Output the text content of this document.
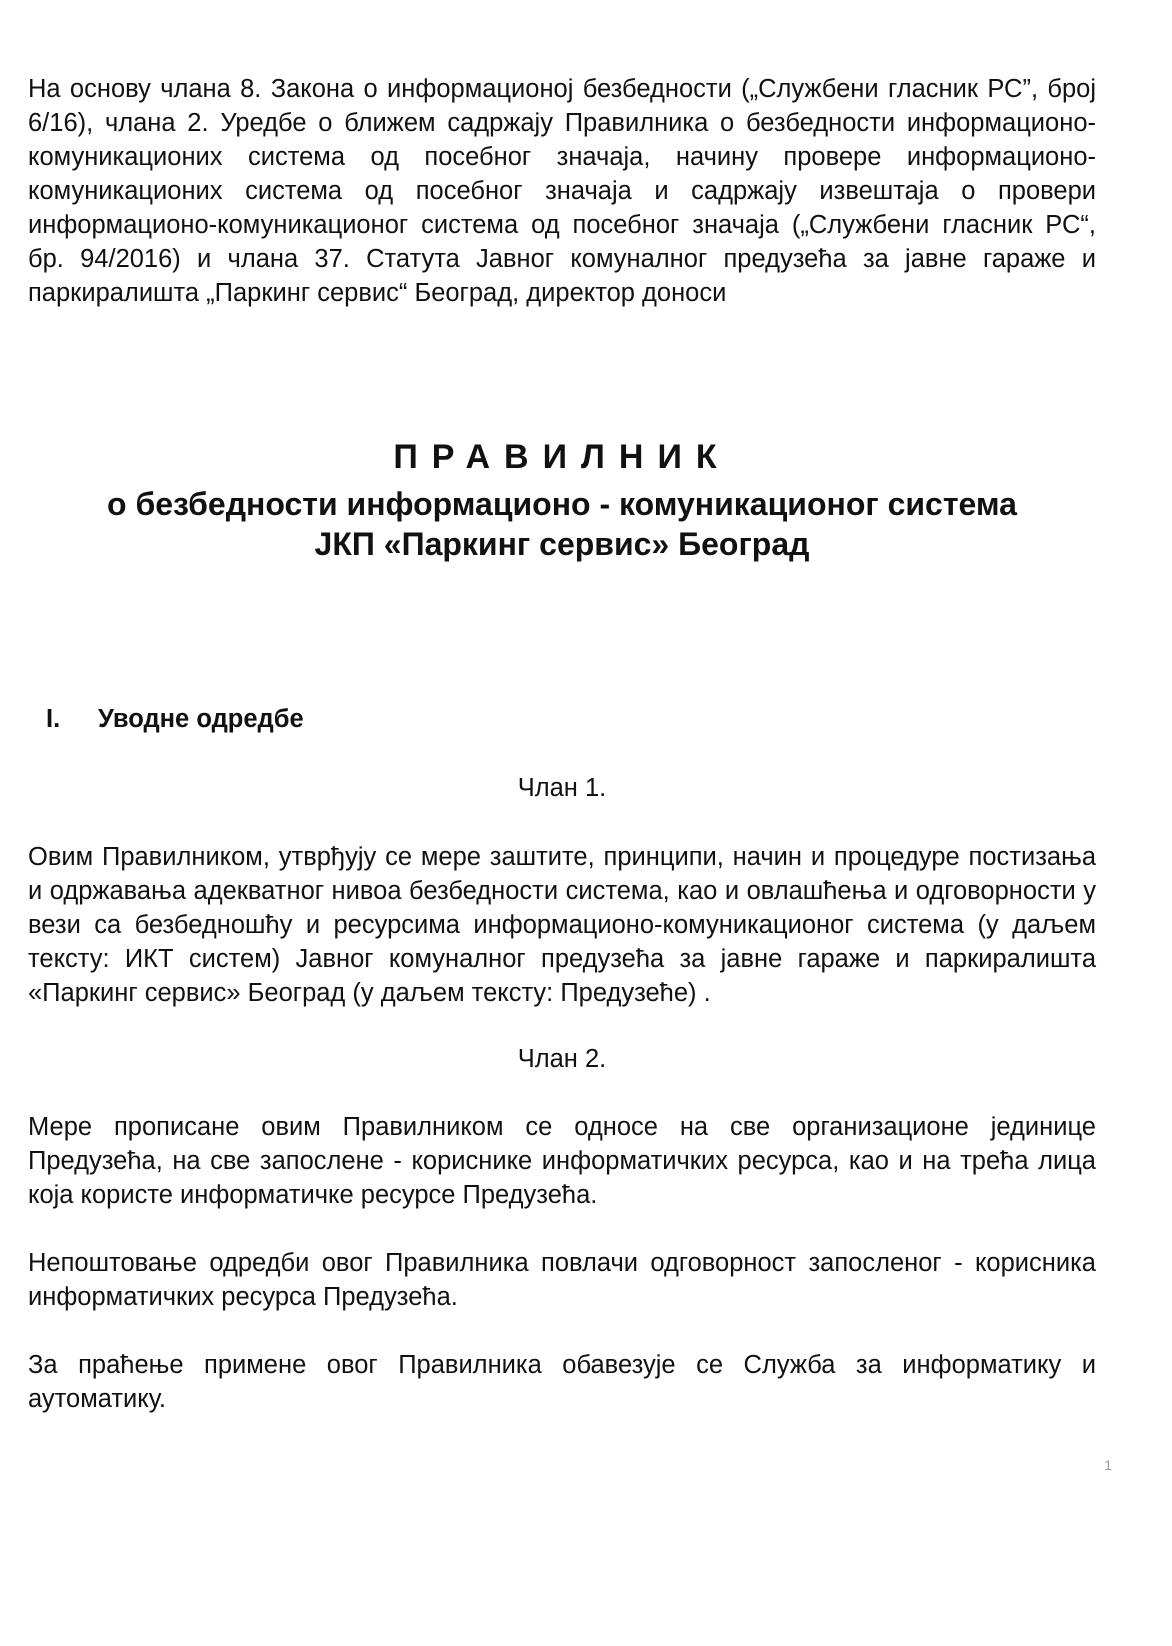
На основу члана 8. Закона о информационој безбедности („Службени гласник РС”, број 6/16), члана 2. Уредбе о ближем садржају Правилника о безбедности информационо-комуникационих система од посебног значаја, начину провере информационо-комуникационих система од посебног значаја и садржају извештаја о провери информационо-комуникационог система од посебног значаја („Службени гласник РС“, бр. 94/2016) и члана 37. Статута Јавног комуналног предузећа за јавне гараже и паркиралишта „Паркинг сервис“ Београд, директор доноси

ПРАВИЛНИК

о безбедности информационо - комуникационог система

ЈКП «Паркинг сервис» Београд

I.	Уводне одредбе

Члан 1.

Овим Правилником, утврђују се мере заштите, принципи, начин и процедуре постизања и одржавања адекватног нивоа безбедности система, као и овлашћења и одговорности у вези са безбедношћу и ресурсима информационо-комуникационог система (у даљем тексту: ИКТ систем) Јавног комуналног предузећа за јавне гараже и паркиралишта «Паркинг сервис» Београд (у даљем тексту: Предузеће) .

Члан 2.

Мере прописане овим Правилником се односе на све организационе јединице Предузећа, на све запослене - кориснике информатичких ресурса, као и на трећа лица која користе информатичке ресурсе Предузећа.

Непоштовање одредби овог Правилника повлачи одговорност запосленог - корисника информатичких ресурса Предузећа.

За праћење примене овог Правилника обавезује се Служба за информатику и аутоматику.

1
